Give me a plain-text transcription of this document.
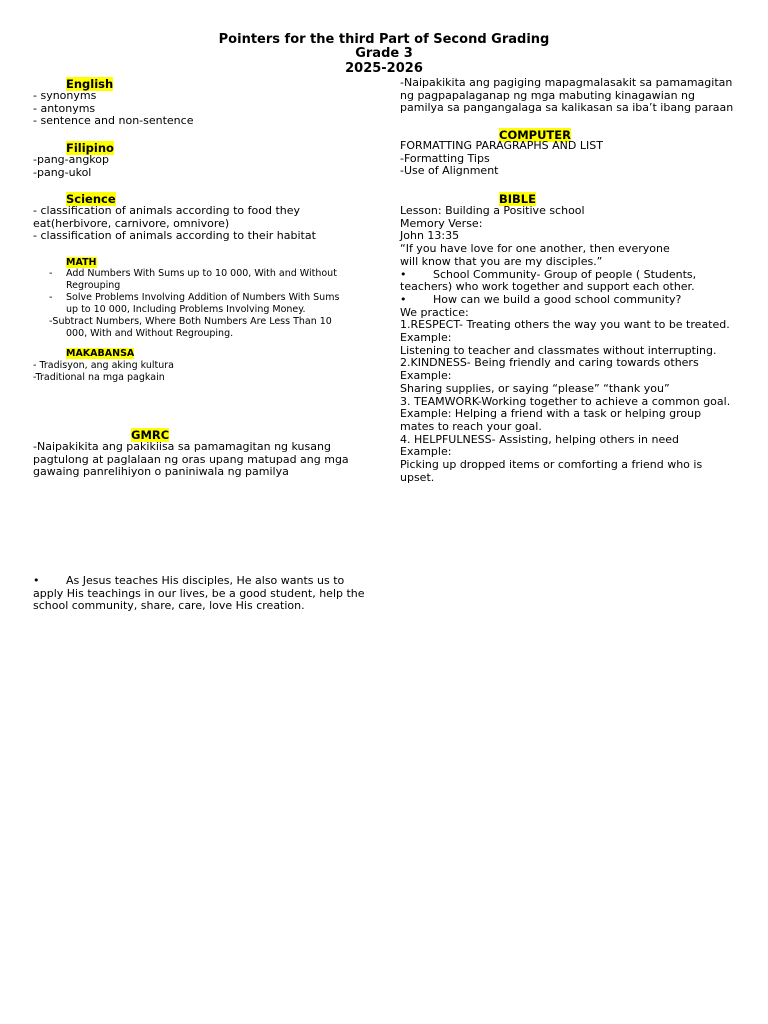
Pointers for the third Part of Second Grading
Grade 3
2025-2026
English
- synonyms
- antonyms
- sentence and non-sentence
Filipino
-pang-angkop
-pang-ukol
Science
- classification of animals according to food they
eat(herbivore, carnivore, omnivore)
- classification of animals according to their habitat
MATH
- Add Numbers With Sums up to 10 000, With and Without
Regrouping
- Solve Problems Involving Addition of Numbers With Sums
up to 10 000, Including Problems Involving Money.
-Subtract Numbers, Where Both Numbers Are Less Than 10
000, With and Without Regrouping.
MAKABANSA
- Tradisyon, ang aking kultura
-Traditional na mga pagkain
GMRC
-Naipakikita ang pakikiisa sa pamamagitan ng kusang
pagtulong at paglalaan ng oras upang matupad ang mga
gawaing panrelihiyon o paniniwala ng pamilya
• As Jesus teaches His disciples, He also wants us to
apply His teachings in our lives, be a good student, help the
school community, share, care, love His creation.
-Naipakikita ang pagiging mapagmalasakit sa pamamagitan
ng pagpapalaganap ng mga mabuting kinagawian ng
pamilya sa pangangalaga sa kalikasan sa iba’t ibang paraan
COMPUTER
FORMATTING PARAGRAPHS AND LIST
-Formatting Tips
-Use of Alignment
BIBLE
Lesson: Building a Positive school
Memory Verse:
John 13:35
“If you have love for one another, then everyone
will know that you are my disciples.”
• School Community- Group of people ( Students,
teachers) who work together and support each other.
• How can we build a good school community?
We practice:
1.RESPECT- Treating others the way you want to be treated.
Example:
Listening to teacher and classmates without interrupting.
2.KINDNESS- Being friendly and caring towards others
Example:
Sharing supplies, or saying “please” “thank you”
3. TEAMWORK-Working together to achieve a common goal.
Example: Helping a friend with a task or helping group
mates to reach your goal.
4. HELPFULNESS- Assisting, helping others in need
Example:
Picking up dropped items or comforting a friend who is
upset.
